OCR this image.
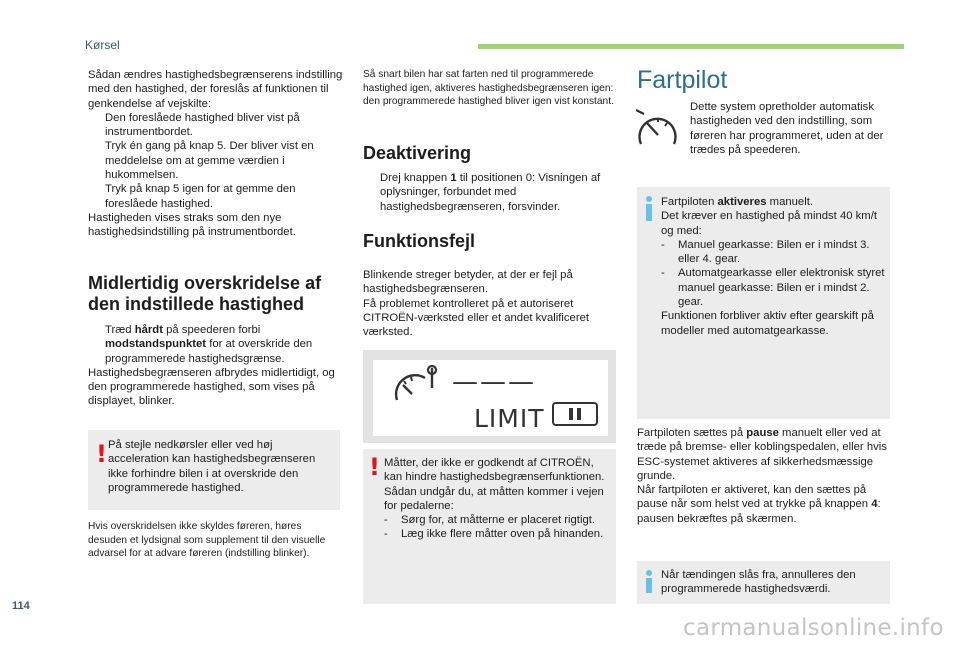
Kørsel

Sådan ændres hastighedsbegrænserens indstilling med den hastighed, der foreslås af funktionen til genkendelse af vejskilte:

Den foreslåede hastighed bliver vist på instrumentbordet.
Tryk én gang på knap 5. Der bliver vist en meddelelse om at gemme værdien i hukommelsen.
Tryk på knap 5 igen for at gemme den foreslåede hastighed.

Hastigheden vises straks som den nye hastighedsindstilling på instrumentbordet.

Midlertidig overskridelse af den indstillede hastighed
Træd hårdt på speederen forbi modstandspunktet for at overskride den programmerede hastighedsgrænse.

Hastighedsbegrænseren afbrydes midlertidigt, og den programmerede hastighed, som vises på displayet, blinker.

! På stejle nedkørsler eller ved høj acceleration kan hastighedsbegrænseren ikke forhindre bilen i at overskride den programmerede hastighed.
Hvis overskridelsen ikke skyldes føreren, høres desuden et lydsignal som supplement til den visuelle advarsel for at advare føreren (indstilling blinker).
Så snart bilen har sat farten ned til programmerede hastighed igen, aktiveres hastighedsbegrænseren igen: den programmerede hastighed bliver igen vist konstant.
Deaktivering
Drej knappen 1 til positionen 0: Visningen af oplysninger, forbundet med hastighedsbegrænseren, forsvinder.
Funktionsfejl

Blinkende streger betyder, at der er fejl på hastighedsbegrænseren.

Få problemet kontrolleret på et autoriseret CITROËN-værksted eller et andet kvalificeret værksted.

———
LIMIT
! Måtter, der ikke er godkendt af CITROËN, kan hindre hastighedsbegrænserfunktionen.

Sådan undgår du, at måtten kommer i vejen for pedalerne:

- Sørg for, at måtterne er placeret rigtigt.
- Læg ikke flere måtter oven på hinanden.
Fartpilot
Dette system opretholder automatisk hastigheden ved den indstilling, som føreren har programmeret, uden at der trædes på speederen.

Fartpiloten aktiveres manuelt.

Det kræver en hastighed på mindst 40 km/t og med:

- Manuel gearkasse: Bilen er i mindst 3. eller 4. gear.
- Automatgearkasse eller elektronisk styret manuel gearkasse: Bilen er i mindst 2. gear.

Funktionen forbliver aktiv efter gearskift på modeller med automatgearkasse.

Fartpiloten sættes på pause manuelt eller ved at træde på bremse- eller koblingspedalen, eller hvis ESC-systemet aktiveres af sikkerhedsmæssige grunde.

Når fartpiloten er aktiveret, kan den sættes på pause når som helst ved at trykke på knappen 4: pausen bekræftes på skærmen.

Når tændingen slås fra, annulleres den programmerede hastighedsværdi.
114
carmanualsonline.info
